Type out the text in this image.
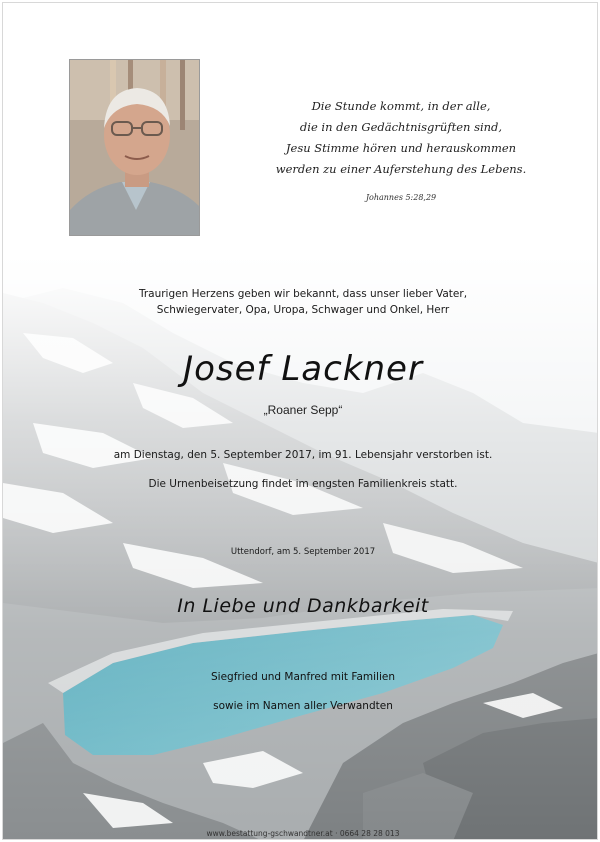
Die Stunde kommt, in der alle,
die in den Gedächtnisgrüften sind,
Jesu Stimme hören und herauskommen
werden zu einer Auferstehung des Lebens.
Johannes 5:28,29
Traurigen Herzens geben wir bekannt, dass unser lieber Vater,
Schwiegervater, Opa, Uropa, Schwager und Onkel, Herr
Josef Lackner
„Roaner Sepp“
am Dienstag, den 5. September 2017, im 91. Lebensjahr verstorben ist.
Die Urnenbeisetzung findet im engsten Familienkreis statt.
Uttendorf, am 5. September 2017
In Liebe und Dankbarkeit
Siegfried und Manfred mit Familien
sowie im Namen aller Verwandten
www.bestattung-gschwandtner.at · 0664 28 28 013
